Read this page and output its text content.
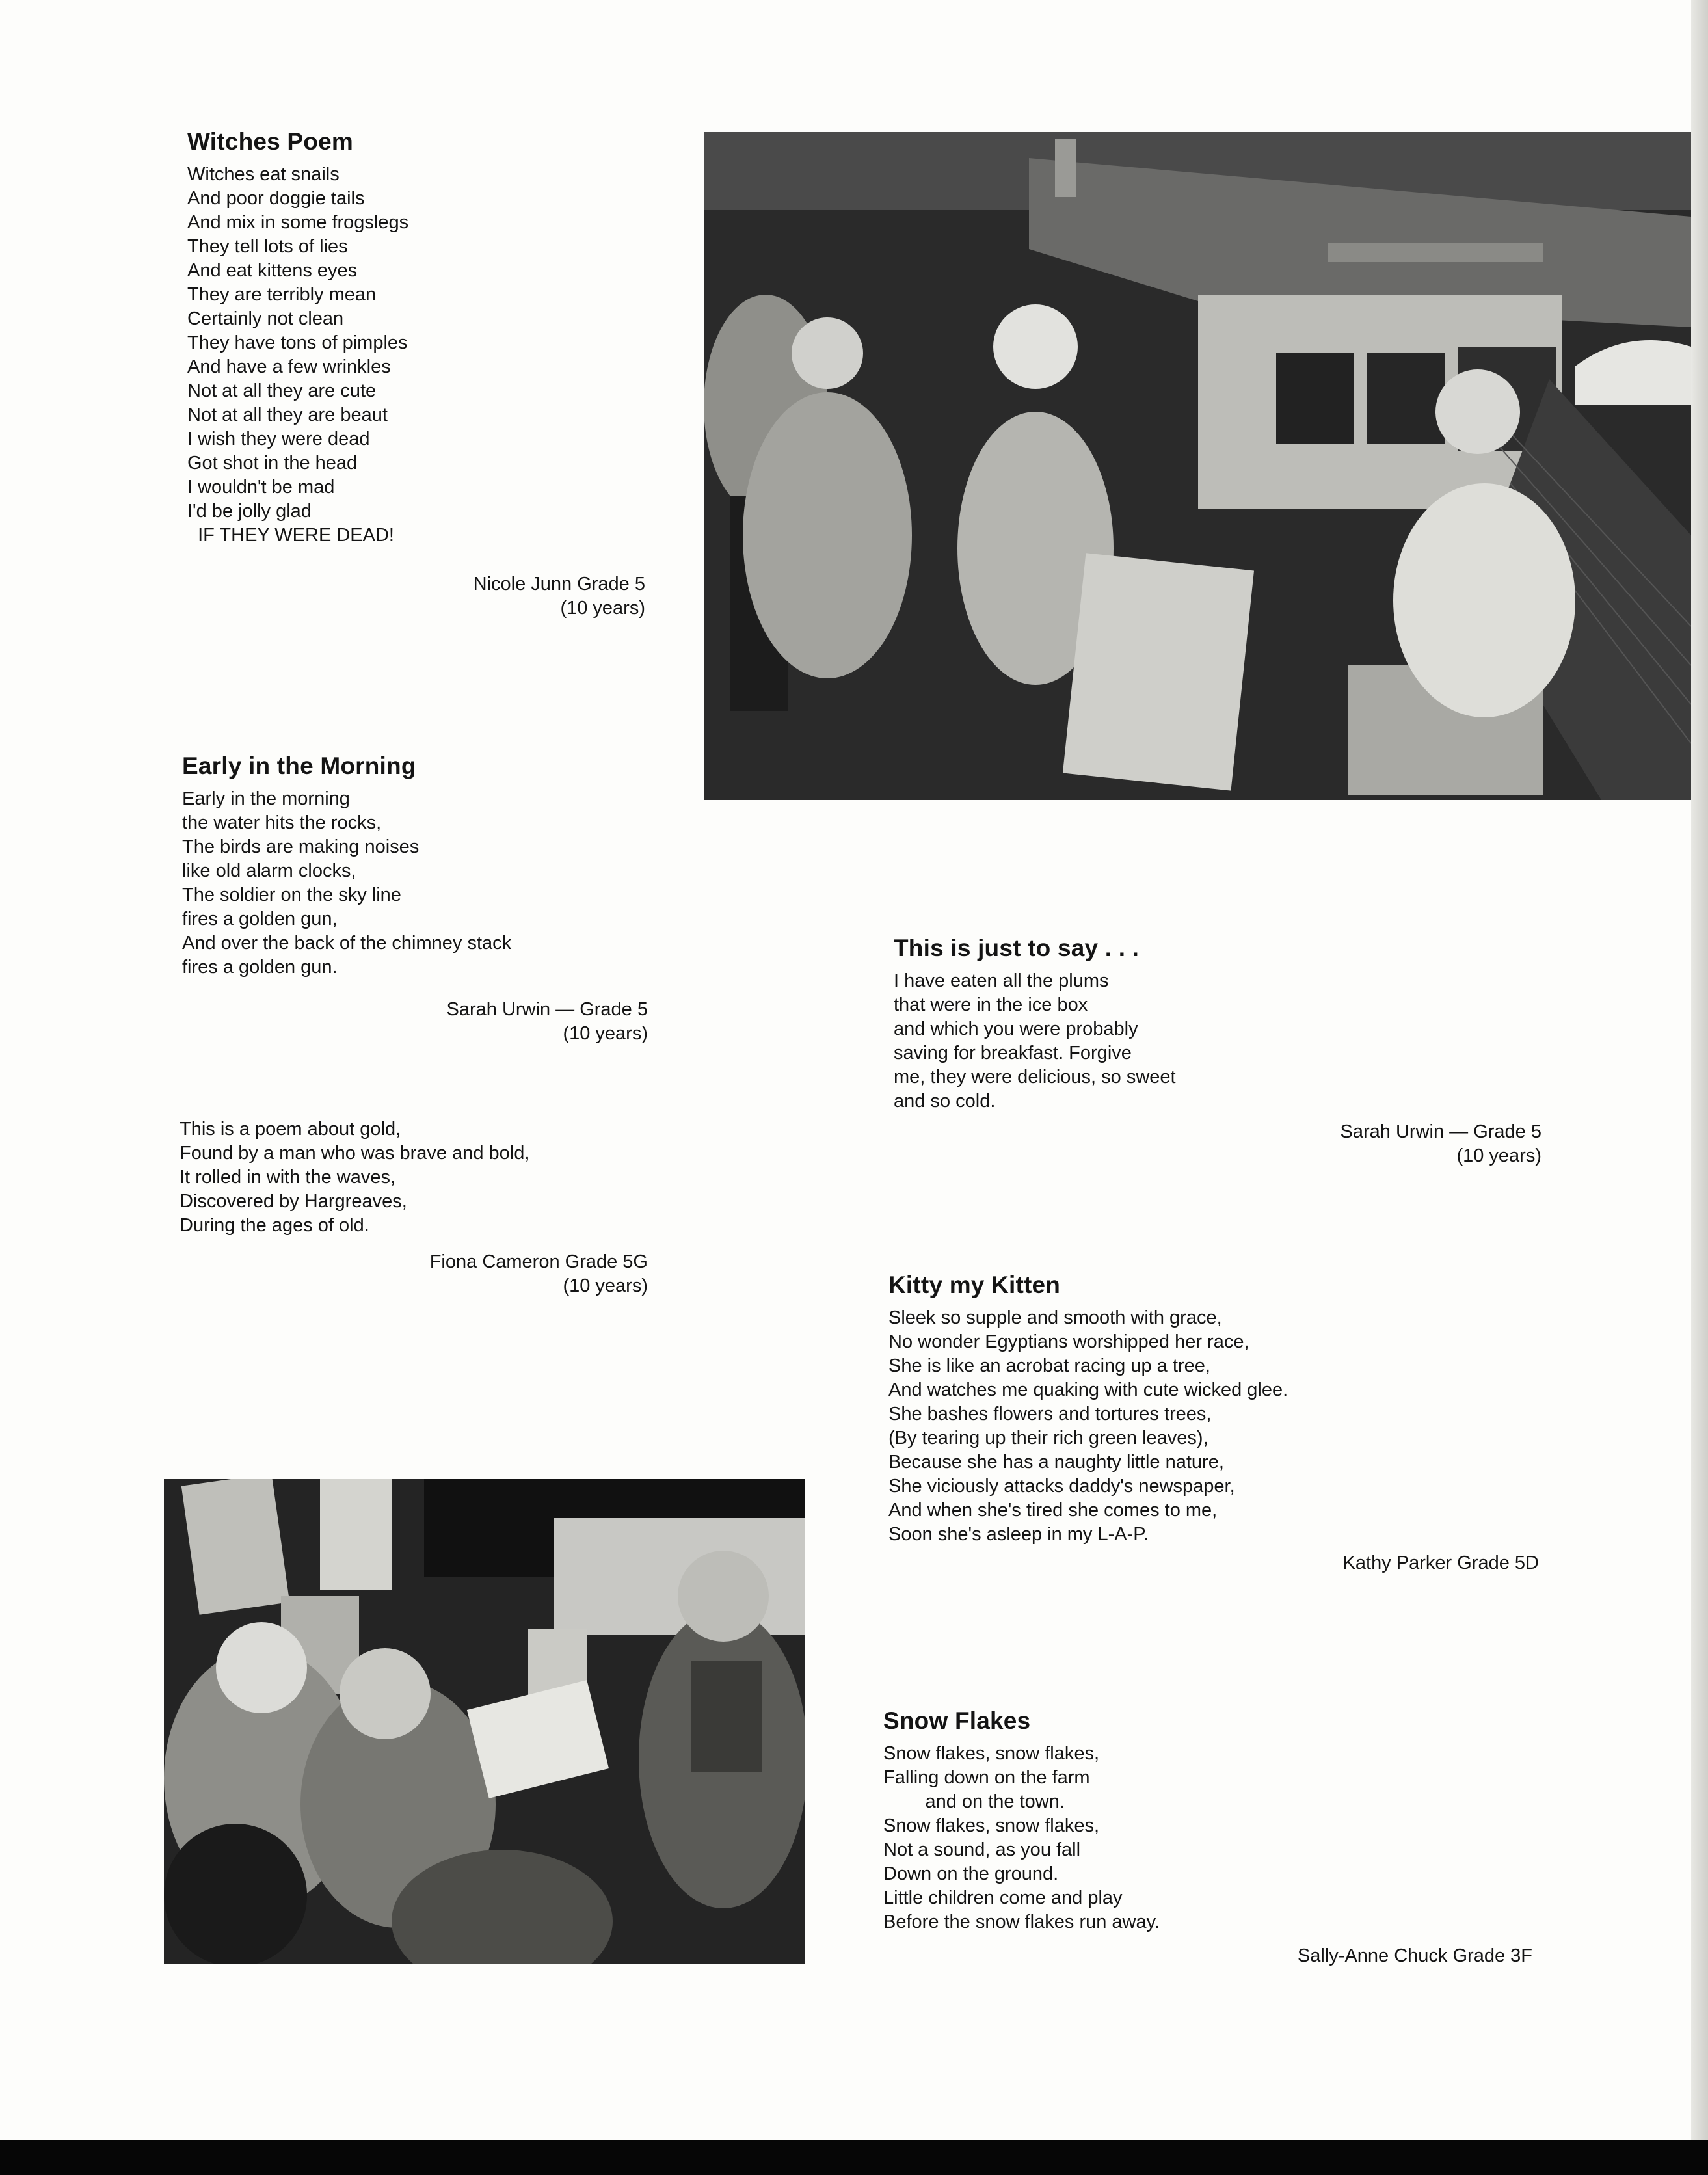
Witches Poem
Witches eat snails
And poor doggie tails
And mix in some frogslegs
They tell lots of lies
And eat kittens eyes
They are terribly mean
Certainly not clean
They have tons of pimples
And have a few wrinkles
Not at all they are cute
Not at all they are beaut
I wish they were dead
Got shot in the head
I wouldn't be mad
I'd be jolly glad
IF THEY WERE DEAD!
Nicole Junn Grade 5
(10 years)
Early in the Morning
Early in the morning
the water hits the rocks,
The birds are making noises
like old alarm clocks,
The soldier on the sky line
fires a golden gun,
And over the back of the chimney stack
fires a golden gun.
Sarah Urwin — Grade 5
(10 years)
This is a poem about gold,
Found by a man who was brave and bold,
It rolled in with the waves,
Discovered by Hargreaves,
During the ages of old.
Fiona Cameron Grade 5G
(10 years)
This is just to say . . .
I have eaten all the plums
that were in the ice box
and which you were probably
saving for breakfast. Forgive
me, they were delicious, so sweet
and so cold.
Sarah Urwin — Grade 5
(10 years)
Kitty my Kitten
Sleek so supple and smooth with grace,
No wonder Egyptians worshipped her race,
She is like an acrobat racing up a tree,
And watches me quaking with cute wicked glee.
She bashes flowers and tortures trees,
(By tearing up their rich green leaves),
Because she has a naughty little nature,
She viciously attacks daddy's newspaper,
And when she's tired she comes to me,
Soon she's asleep in my L-A-P.
Kathy Parker Grade 5D
Snow Flakes
Snow flakes, snow flakes,
Falling down on the farm
and on the town.
Snow flakes, snow flakes,
Not a sound, as you fall
Down on the ground.
Little children come and play
Before the snow flakes run away.
Sally-Anne Chuck Grade 3F
